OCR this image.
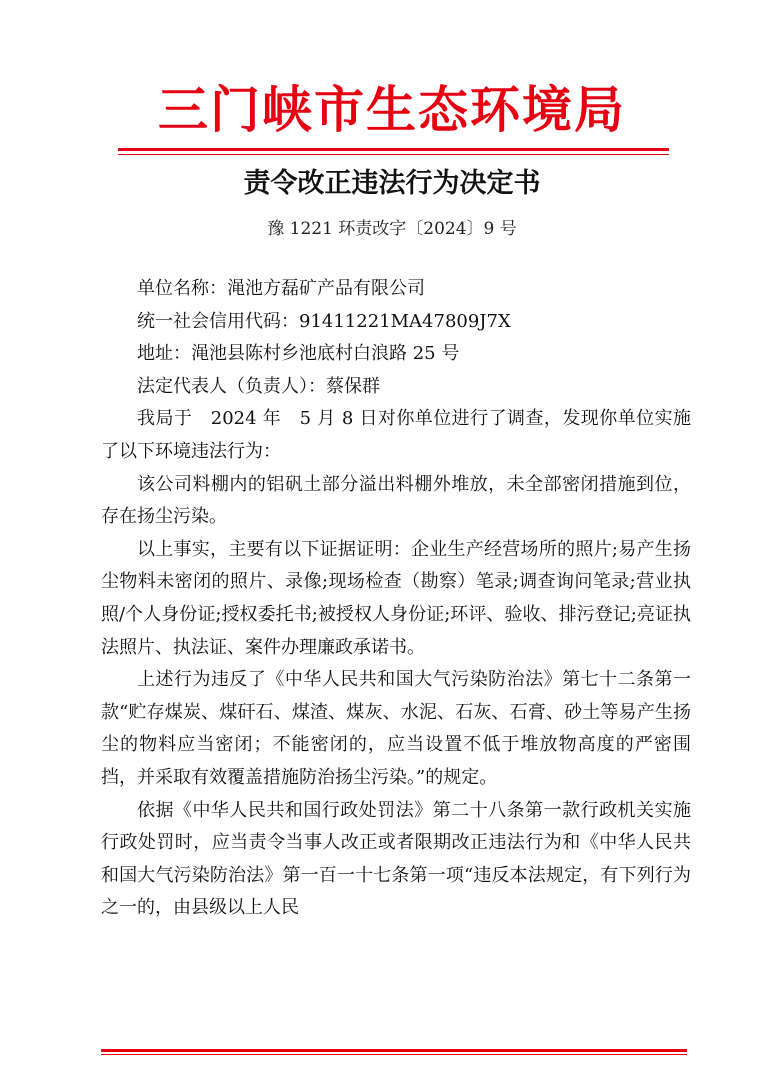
三门峡市生态环境局
责令改正违法行为决定书
豫 1221 环责改字〔2024〕9 号

单位名称：渑池方磊矿产品有限公司

统一社会信用代码：91411221MA47809J7X

地址：渑池县陈村乡池底村白浪路 25 号

法定代表人（负责人）：蔡保群

我局于　2024 年　5 月 8 日对你单位进行了调查，发现你单位实施了以下环境违法行为：

该公司料棚内的铝矾土部分溢出料棚外堆放，未全部密闭措施到位，存在扬尘污染。

以上事实，主要有以下证据证明：企业生产经营场所的照片;易产生扬尘物料未密闭的照片、录像;现场检查（勘察）笔录;调查询问笔录;营业执照/个人身份证;授权委托书;被授权人身份证;环评、验收、排污登记;亮证执法照片、执法证、案件办理廉政承诺书。

上述行为违反了《中华人民共和国大气污染防治法》第七十二条第一款“贮存煤炭、煤矸石、煤渣、煤灰、水泥、石灰、石膏、砂土等易产生扬尘的物料应当密闭；不能密闭的，应当设置不低于堆放物高度的严密围挡，并采取有效覆盖措施防治扬尘污染。”的规定。

依据《中华人民共和国行政处罚法》第二十八条第一款行政机关实施行政处罚时，应当责令当事人改正或者限期改正违法行为和《中华人民共和国大气污染防治法》第一百一十七条第一项“违反本法规定，有下列行为之一的，由县级以上人民
